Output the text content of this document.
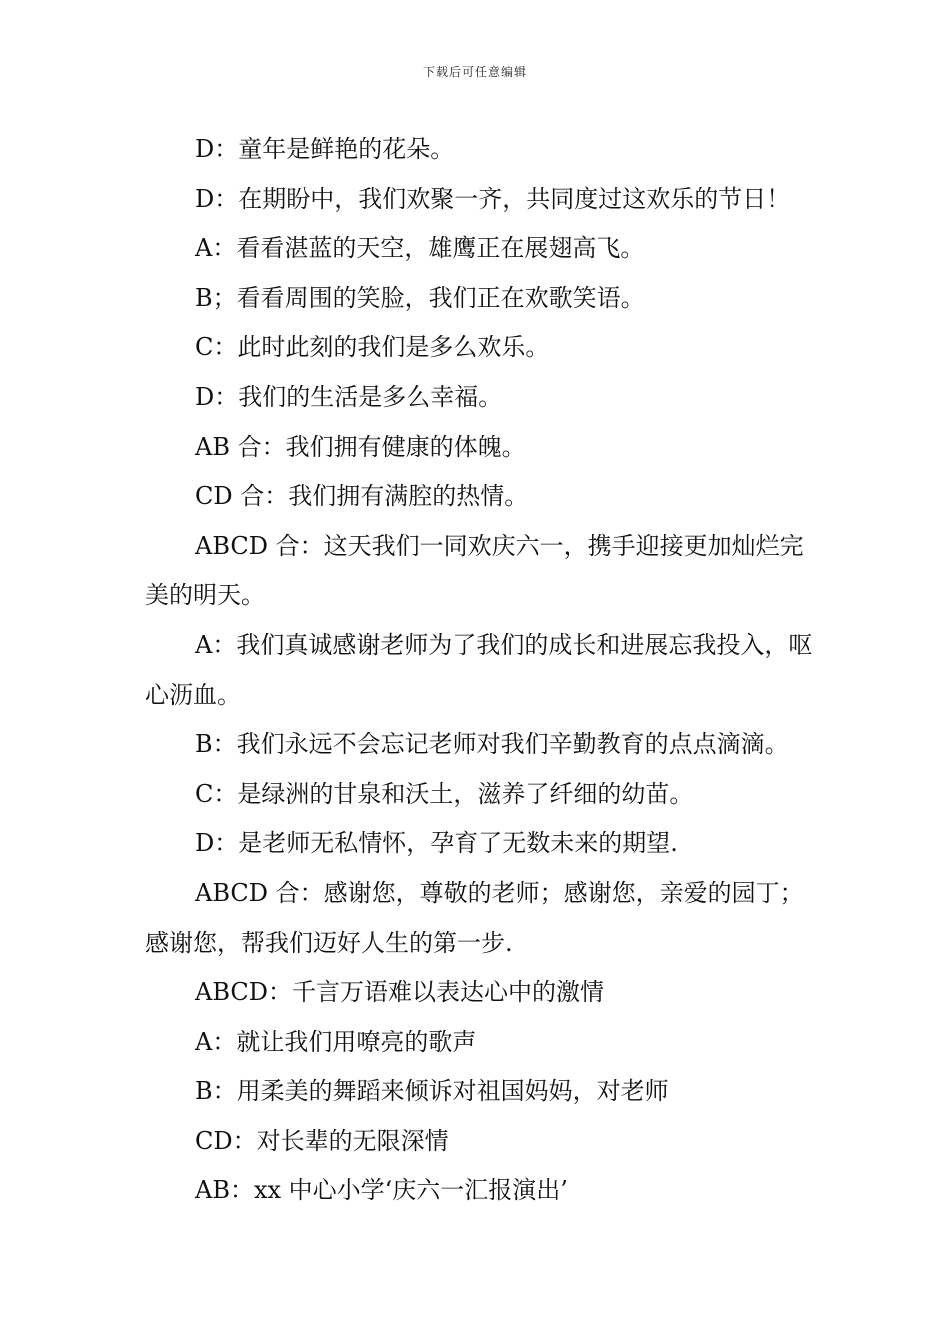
下载后可任意编辑

D：童年是鲜艳的花朵。

D：在期盼中，我们欢聚一齐，共同度过这欢乐的节日！

A：看看湛蓝的天空，雄鹰正在展翅高飞。

B；看看周围的笑脸，我们正在欢歌笑语。

C：此时此刻的我们是多么欢乐。

D：我们的生活是多么幸福。

AB 合：我们拥有健康的体魄。

CD 合：我们拥有满腔的热情。

ABCD 合：这天我们一同欢庆六一，携手迎接更加灿烂完美的明天。

A：我们真诚感谢老师为了我们的成长和进展忘我投入，呕心沥血。

B：我们永远不会忘记老师对我们辛勤教育的点点滴滴。

C：是绿洲的甘泉和沃土，滋养了纤细的幼苗。

D：是老师无私情怀，孕育了无数未来的期望.

ABCD 合：感谢您，尊敬的老师；感谢您，亲爱的园丁；感谢您，帮我们迈好人生的第一步.

ABCD：千言万语难以表达心中的激情

A：就让我们用嘹亮的歌声

B：用柔美的舞蹈来倾诉对祖国妈妈，对老师

CD：对长辈的无限深情

AB：xx 中心小学‘庆六一汇报演出’
